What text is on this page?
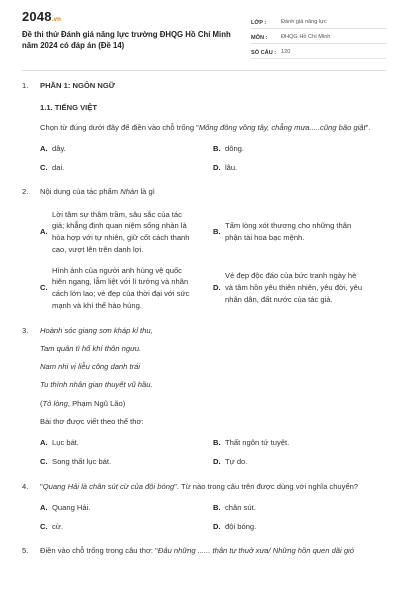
2048.vn
Đề thi thử Đánh giá năng lực trường ĐHQG Hồ Chí Minh năm 2024 có đáp án (Đề 14)
LỚP :	Đánh giá năng lực
MÔN :	ĐHQG Hồ Chí Minh
SỐ CÂU : 120
1.	PHẦN 1: NGÔN NGỮ
1.1. TIẾNG VIỆT
Chọn từ đúng dưới đây để điền vào chỗ trống "Mống đông vồng tây, chẳng mưa.....cũng bão giật".
A. dây.	B. dông.
C. dai.	D. lâu.
2.	Nội dung của tác phẩm Nhàn là gì
A.
Lời tâm sự thâm trầm, sâu sắc của tác giả; khẳng định quan niệm sống nhàn là hòa hợp với tự nhiên, giữ cốt cách thanh cao, vượt lên trên danh lợi.
B.
Tấm lòng xót thương cho những thân phận tài hoa bạc mệnh.
C.
Hình ảnh của người anh hùng vệ quốc hiên ngang, lẫm liệt với lí tưởng và nhân cách lớn lao; vẻ đẹp của thời đại với sức mạnh và khí thế hào hùng.
D.
Vẻ đẹp độc đáo của bức tranh ngày hè và tâm hồn yêu thiên nhiên, yêu đời, yêu nhân dân, đất nước của tác giả.
3.	Hoành sóc giang sơn kháp kỉ thu,
Tam quân tì hổ khí thôn ngưu.
Nam nhi vị liễu công danh trái
Tu thính nhân gian thuyết vũ hầu.
(Tỏ lòng, Phạm Ngũ Lão)
Bài thơ được viết theo thể thơ:
A. Lục bát.	B. Thất ngôn tứ tuyệt.
C. Song thất lục bát.	D. Tự do.
4.	"Quang Hải là chân sút cừ của đội bóng". Từ nào trong câu trên được dùng với nghĩa chuyển?
A. Quang Hải.	B. chân sút.
C. cừ.	D. đội bóng.
5.	Điền vào chỗ trống trong câu thơ: "Đâu những ...... thân tự thuở xưa/ Những hồn quen dãi gió
